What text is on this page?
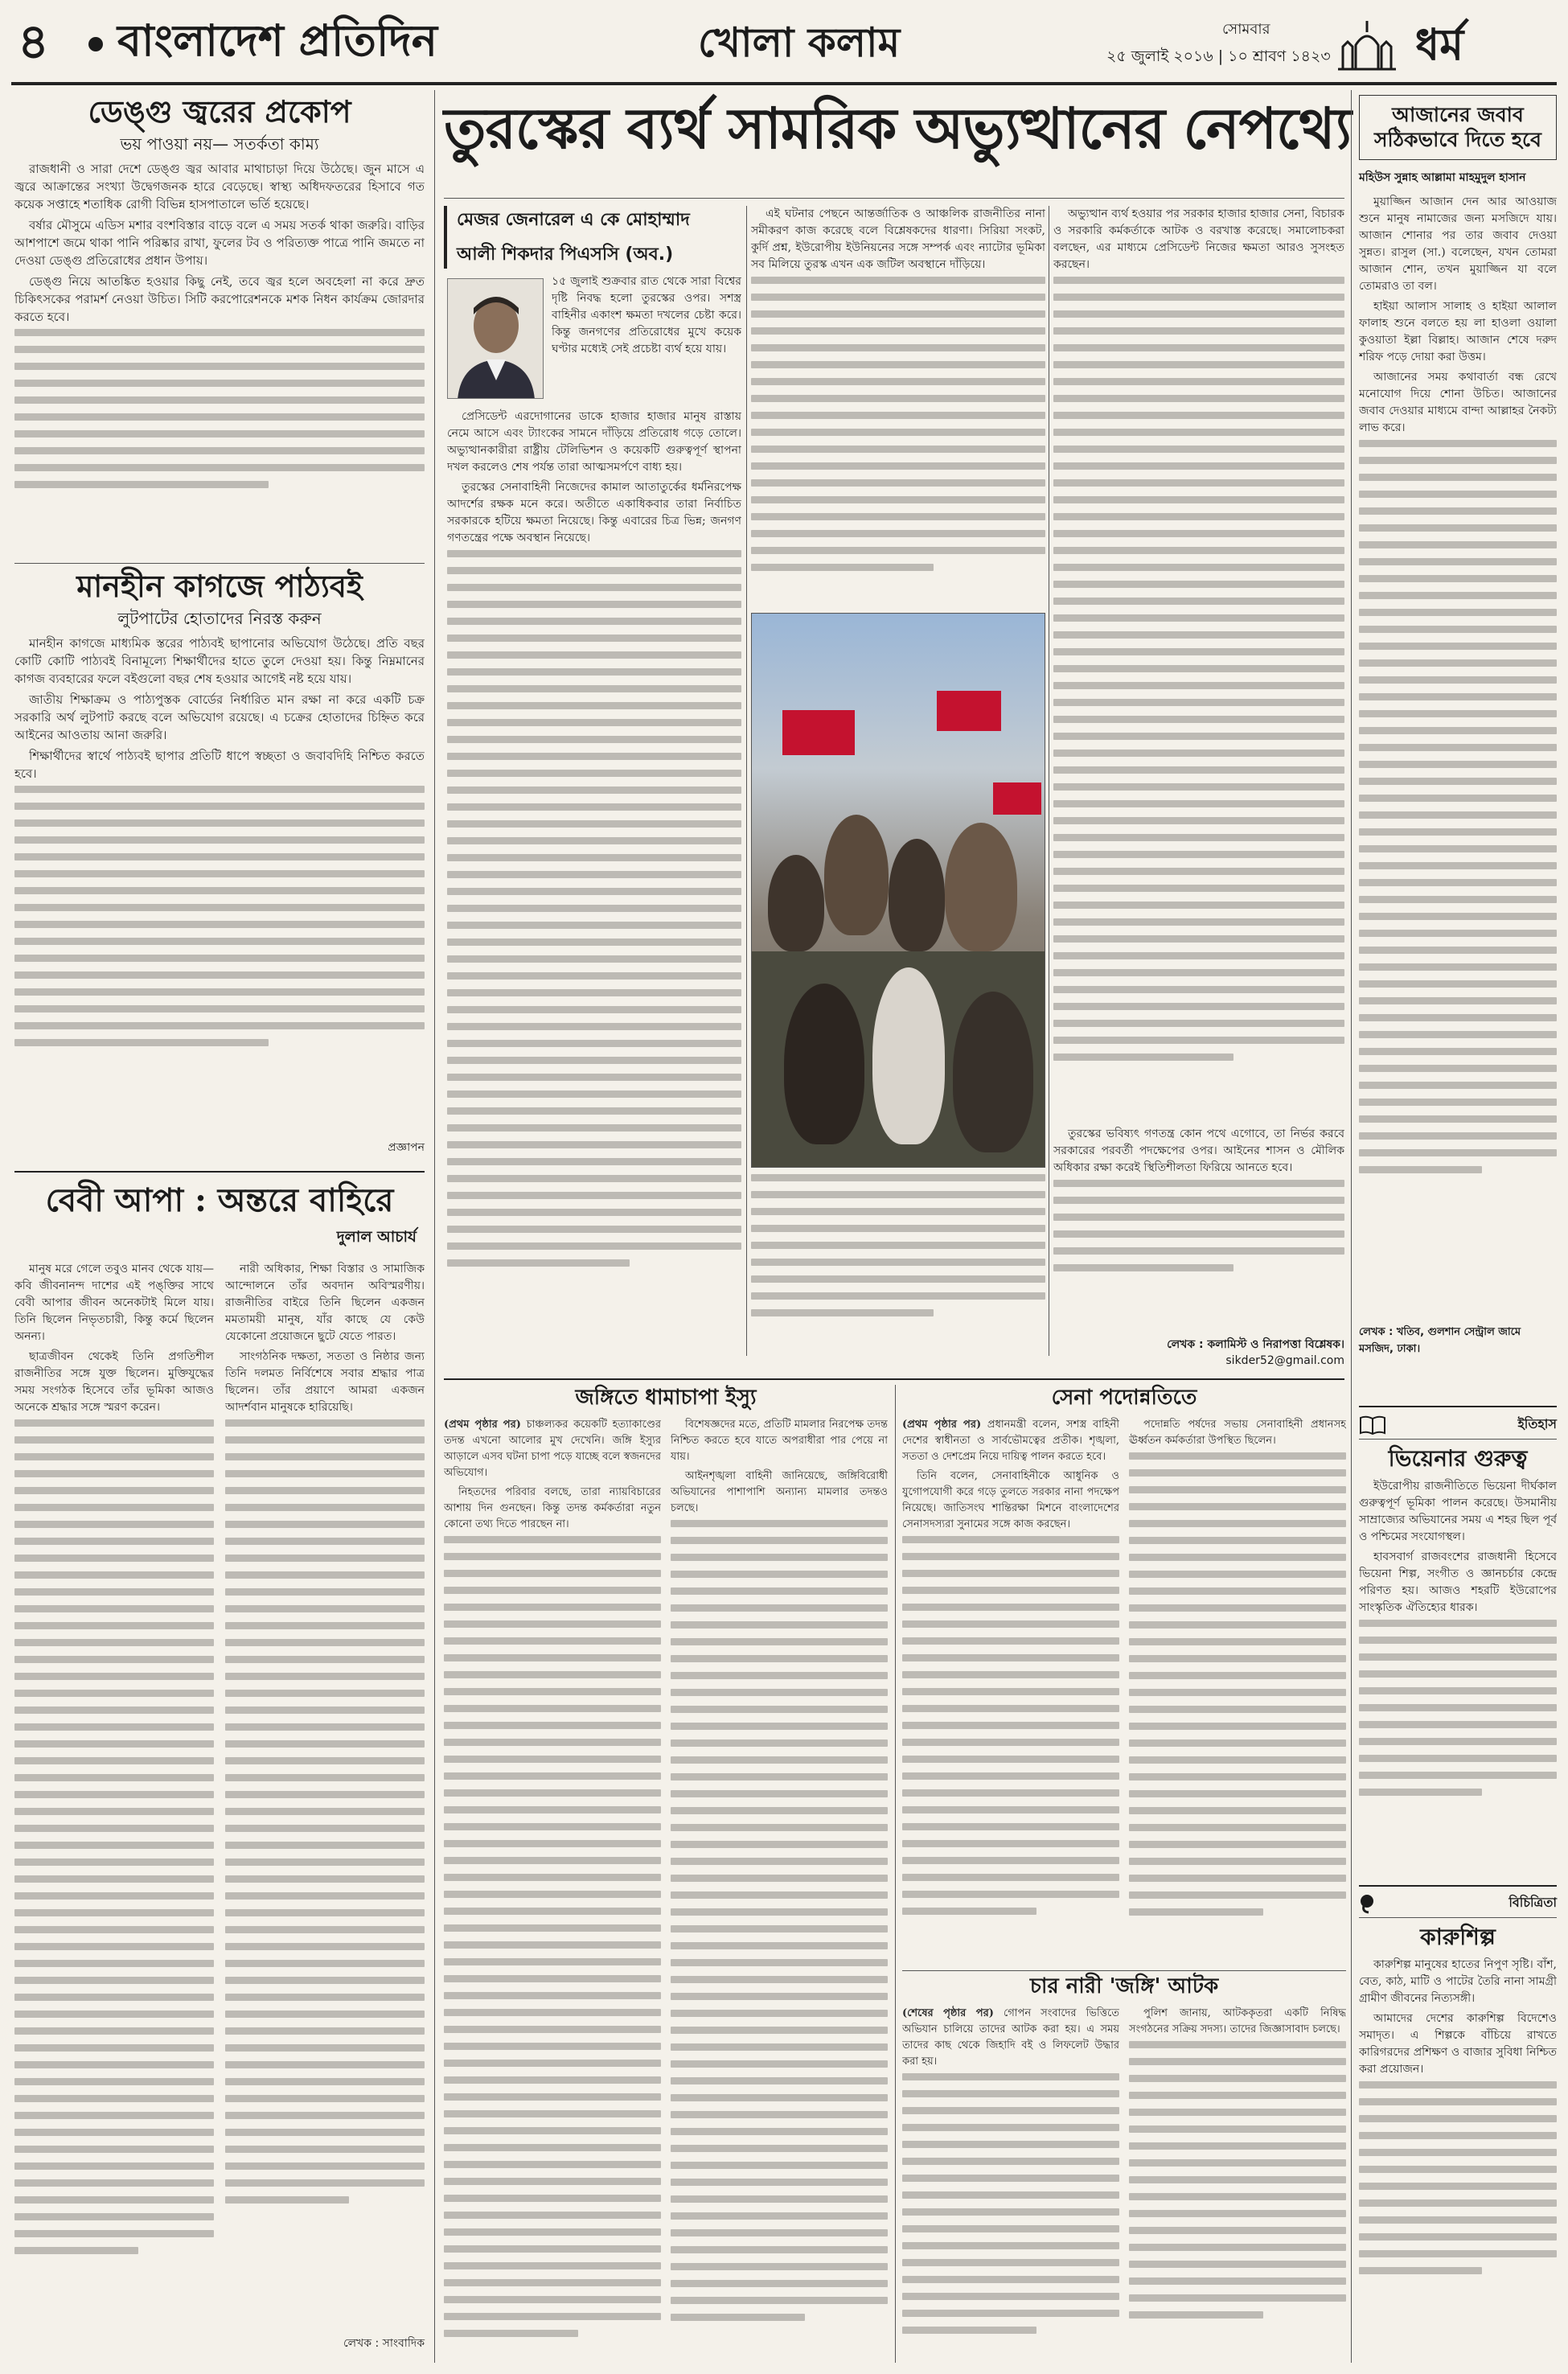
৪ বাংলাদেশ প্রতিদিন	খোলা কলাম	সোমবার
২৫ জুলাই ২০১৬ | ১০ শ্রাবণ ১৪২৩ ধর্ম
ডেঙ্গু জ্বরের প্রকোপ
ভয় পাওয়া নয়— সতর্কতা কাম্য

রাজধানী ও সারা দেশে ডেঙ্গু জ্বর আবার মাথাচাড়া দিয়ে উঠেছে। জুন মাসে এ জ্বরে আক্রান্তের সংখ্যা উদ্বেগজনক হারে বেড়েছে। স্বাস্থ্য অধিদফতরের হিসাবে গত কয়েক সপ্তাহে শতাধিক রোগী বিভিন্ন হাসপাতালে ভর্তি হয়েছে।

বর্ষার মৌসুমে এডিস মশার বংশবিস্তার বাড়ে বলে এ সময় সতর্ক থাকা জরুরি। বাড়ির আশপাশে জমে থাকা পানি পরিষ্কার রাখা, ফুলের টব ও পরিত্যক্ত পাত্রে পানি জমতে না দেওয়া ডেঙ্গু প্রতিরোধের প্রধান উপায়।

ডেঙ্গু নিয়ে আতঙ্কিত হওয়ার কিছু নেই, তবে জ্বর হলে অবহেলা না করে দ্রুত চিকিৎসকের পরামর্শ নেওয়া উচিত। সিটি করপোরেশনকে মশক নিধন কার্যক্রম জোরদার করতে হবে।

মানহীন কাগজে পাঠ্যবই
লুটপাটের হোতাদের নিরস্ত করুন

মানহীন কাগজে মাধ্যমিক স্তরের পাঠ্যবই ছাপানোর অভিযোগ উঠেছে। প্রতি বছর কোটি কোটি পাঠ্যবই বিনামূল্যে শিক্ষার্থীদের হাতে তুলে দেওয়া হয়। কিন্তু নিম্নমানের কাগজ ব্যবহারের ফলে বইগুলো বছর শেষ হওয়ার আগেই নষ্ট হয়ে যায়।

জাতীয় শিক্ষাক্রম ও পাঠ্যপুস্তক বোর্ডের নির্ধারিত মান রক্ষা না করে একটি চক্র সরকারি অর্থ লুটপাট করছে বলে অভিযোগ রয়েছে। এ চক্রের হোতাদের চিহ্নিত করে আইনের আওতায় আনা জরুরি।

শিক্ষার্থীদের স্বার্থে পাঠ্যবই ছাপার প্রতিটি ধাপে স্বচ্ছতা ও জবাবদিহি নিশ্চিত করতে হবে।

প্রজ্ঞাপন
বেবী আপা : অন্তরে বাহিরে
দুলাল আচার্য

মানুষ মরে গেলে তবুও মানব থেকে যায়— কবি জীবনানন্দ দাশের এই পঙ্‌ক্তির সাথে বেবী আপার জীবন অনেকটাই মিলে যায়। তিনি ছিলেন নিভৃতচারী, কিন্তু কর্মে ছিলেন অনন্য।

ছাত্রজীবন থেকেই তিনি প্রগতিশীল রাজনীতির সঙ্গে যুক্ত ছিলেন। মুক্তিযুদ্ধের সময় সংগঠক হিসেবে তাঁর ভূমিকা আজও অনেকে শ্রদ্ধার সঙ্গে স্মরণ করেন।

নারী অধিকার, শিক্ষা বিস্তার ও সামাজিক আন্দোলনে তাঁর অবদান অবিস্মরণীয়। রাজনীতির বাইরে তিনি ছিলেন একজন মমতাময়ী মানুষ, যাঁর কাছে যে কেউ যেকোনো প্রয়োজনে ছুটে যেতে পারত।

সাংগঠনিক দক্ষতা, সততা ও নিষ্ঠার জন্য তিনি দলমত নির্বিশেষে সবার শ্রদ্ধার পাত্র ছিলেন। তাঁর প্রয়াণে আমরা একজন আদর্শবান মানুষকে হারিয়েছি।

লেখক : সাংবাদিক
তুরস্কের ব্যর্থ সামরিক অভ্যুত্থানের নেপথ্যে
মেজর জেনারেল এ কে মোহাম্মাদ
আলী শিকদার পিএসসি (অব.)

১৫ জুলাই শুক্রবার রাত থেকে সারা বিশ্বের দৃষ্টি নিবদ্ধ হলো তুরস্কের ওপর। সশস্ত্র বাহিনীর একাংশ ক্ষমতা দখলের চেষ্টা করে। কিন্তু জনগণের প্রতিরোধের মুখে কয়েক ঘণ্টার মধ্যেই সেই প্রচেষ্টা ব্যর্থ হয়ে যায়।

প্রেসিডেন্ট এরদোগানের ডাকে হাজার হাজার মানুষ রাস্তায় নেমে আসে এবং ট্যাংকের সামনে দাঁড়িয়ে প্রতিরোধ গড়ে তোলে। অভ্যুত্থানকারীরা রাষ্ট্রীয় টেলিভিশন ও কয়েকটি গুরুত্বপূর্ণ স্থাপনা দখল করলেও শেষ পর্যন্ত তারা আত্মসমর্পণে বাধ্য হয়।

তুরস্কের সেনাবাহিনী নিজেদের কামাল আতাতুর্কের ধর্মনিরপেক্ষ আদর্শের রক্ষক মনে করে। অতীতে একাধিকবার তারা নির্বাচিত সরকারকে হটিয়ে ক্ষমতা নিয়েছে। কিন্তু এবারের চিত্র ভিন্ন; জনগণ গণতন্ত্রের পক্ষে অবস্থান নিয়েছে।

এই ঘটনার পেছনে আন্তর্জাতিক ও আঞ্চলিক রাজনীতির নানা সমীকরণ কাজ করেছে বলে বিশ্লেষকদের ধারণা। সিরিয়া সংকট, কুর্দি প্রশ্ন, ইউরোপীয় ইউনিয়নের সঙ্গে সম্পর্ক এবং ন্যাটোর ভূমিকা সব মিলিয়ে তুরস্ক এখন এক জটিল অবস্থানে দাঁড়িয়ে।

অভ্যুত্থান ব্যর্থ হওয়ার পর সরকার হাজার হাজার সেনা, বিচারক ও সরকারি কর্মকর্তাকে আটক ও বরখাস্ত করেছে। সমালোচকরা বলছেন, এর মাধ্যমে প্রেসিডেন্ট নিজের ক্ষমতা আরও সুসংহত করছেন।

তুরস্কের ভবিষ্যৎ গণতন্ত্র কোন পথে এগোবে, তা নির্ভর করবে সরকারের পরবর্তী পদক্ষেপের ওপর। আইনের শাসন ও মৌলিক অধিকার রক্ষা করেই স্থিতিশীলতা ফিরিয়ে আনতে হবে।

লেখক : কলামিস্ট ও নিরাপত্তা বিশ্লেষক।
sikder52@gmail.com
জঙ্গিতে ধামাচাপা ইস্যু

(প্রথম পৃষ্ঠার পর) চাঞ্চল্যকর কয়েকটি হত্যাকাণ্ডের তদন্ত এখনো আলোর মুখ দেখেনি। জঙ্গি ইস্যুর আড়ালে এসব ঘটনা চাপা পড়ে যাচ্ছে বলে স্বজনদের অভিযোগ।

নিহতদের পরিবার বলছে, তারা ন্যায়বিচারের আশায় দিন গুনছেন। কিন্তু তদন্ত কর্মকর্তারা নতুন কোনো তথ্য দিতে পারছেন না।

বিশেষজ্ঞদের মতে, প্রতিটি মামলার নিরপেক্ষ তদন্ত নিশ্চিত করতে হবে যাতে অপরাধীরা পার পেয়ে না যায়।

আইনশৃঙ্খলা বাহিনী জানিয়েছে, জঙ্গিবিরোধী অভিযানের পাশাপাশি অন্যান্য মামলার তদন্তও চলছে।

সেনা পদোন্নতিতে

(প্রথম পৃষ্ঠার পর) প্রধানমন্ত্রী বলেন, সশস্ত্র বাহিনী দেশের স্বাধীনতা ও সার্বভৌমত্বের প্রতীক। শৃঙ্খলা, সততা ও দেশপ্রেম নিয়ে দায়িত্ব পালন করতে হবে।

তিনি বলেন, সেনাবাহিনীকে আধুনিক ও যুগোপযোগী করে গড়ে তুলতে সরকার নানা পদক্ষেপ নিয়েছে। জাতিসংঘ শান্তিরক্ষা মিশনে বাংলাদেশের সেনাসদস্যরা সুনামের সঙ্গে কাজ করছেন।

পদোন্নতি পর্ষদের সভায় সেনাবাহিনী প্রধানসহ ঊর্ধ্বতন কর্মকর্তারা উপস্থিত ছিলেন।

চার নারী 'জঙ্গি' আটক

(শেষের পৃষ্ঠার পর) গোপন সংবাদের ভিত্তিতে অভিযান চালিয়ে তাদের আটক করা হয়। এ সময় তাদের কাছ থেকে জিহাদি বই ও লিফলেট উদ্ধার করা হয়।

পুলিশ জানায়, আটককৃতরা একটি নিষিদ্ধ সংগঠনের সক্রিয় সদস্য। তাদের জিজ্ঞাসাবাদ চলছে।

আজানের জবাব সঠিকভাবে দিতে হবে
মহিউস সুন্নাহ আল্লামা মাহমুদুল হাসান

মুয়াজ্জিন আজান দেন আর আওয়াজ শুনে মানুষ নামাজের জন্য মসজিদে যায়। আজান শোনার পর তার জবাব দেওয়া সুন্নত। রাসুল (সা.) বলেছেন, যখন তোমরা আজান শোন, তখন মুয়াজ্জিন যা বলে তোমরাও তা বল।

হাইয়া আলাস সালাহ ও হাইয়া আলাল ফালাহ শুনে বলতে হয় লা হাওলা ওয়ালা কুওয়াতা ইল্লা বিল্লাহ। আজান শেষে দরুদ শরিফ পড়ে দোয়া করা উত্তম।

আজানের সময় কথাবার্তা বন্ধ রেখে মনোযোগ দিয়ে শোনা উচিত। আজানের জবাব দেওয়ার মাধ্যমে বান্দা আল্লাহর নৈকট্য লাভ করে।

লেখক : খতিব, গুলশান সেন্ট্রাল জামে মসজিদ, ঢাকা।
ইতিহাস
ভিয়েনার গুরুত্ব

ইউরোপীয় রাজনীতিতে ভিয়েনা দীর্ঘকাল গুরুত্বপূর্ণ ভূমিকা পালন করেছে। উসমানীয় সাম্রাজ্যের অভিযানের সময় এ শহর ছিল পূর্ব ও পশ্চিমের সংযোগস্থল।

হাবসবার্গ রাজবংশের রাজধানী হিসেবে ভিয়েনা শিল্প, সংগীত ও জ্ঞানচর্চার কেন্দ্রে পরিণত হয়। আজও শহরটি ইউরোপের সাংস্কৃতিক ঐতিহ্যের ধারক।

বিচিত্রিতা
কারুশিল্প

কারুশিল্প মানুষের হাতের নিপুণ সৃষ্টি। বাঁশ, বেত, কাঠ, মাটি ও পাটের তৈরি নানা সামগ্রী গ্রামীণ জীবনের নিত্যসঙ্গী।

আমাদের দেশের কারুশিল্প বিদেশেও সমাদৃত। এ শিল্পকে বাঁচিয়ে রাখতে কারিগরদের প্রশিক্ষণ ও বাজার সুবিধা নিশ্চিত করা প্রয়োজন।
